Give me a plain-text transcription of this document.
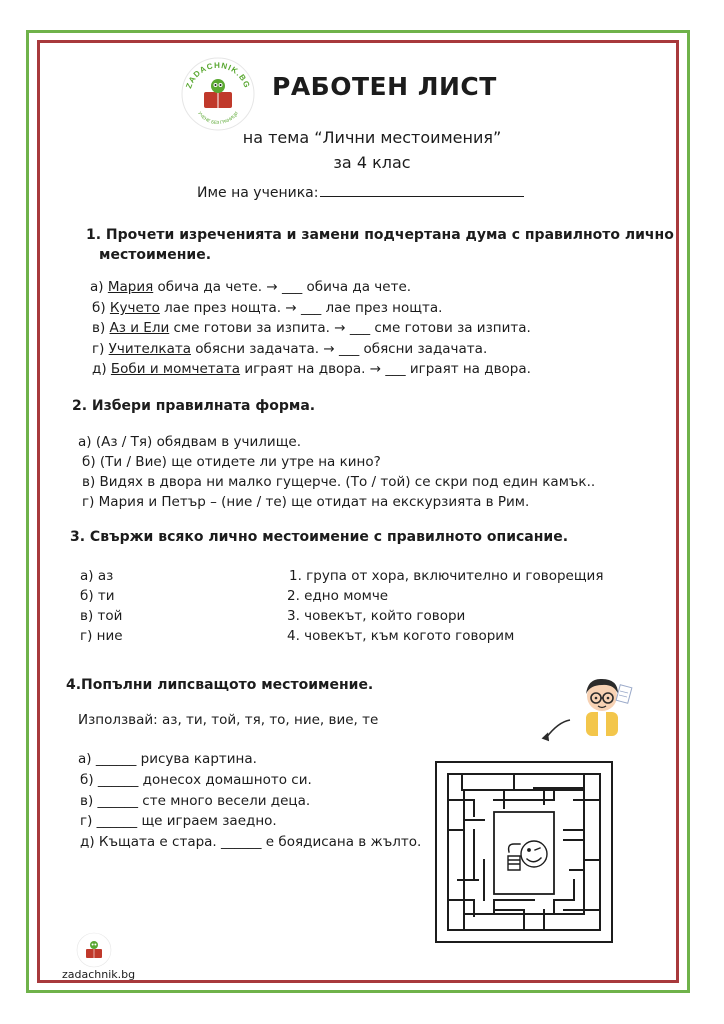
ZADACHNIK.BG
УЧЕНЕ БЕЗ ГРАНИЦИ
РАБОТЕН ЛИСТ
на тема “Лични местоимения”
за 4 клас
Име на ученика:
1. Прочети изреченията и замени подчертана дума с правилното лично
местоимение.
а) Мария обича да чете. → ___ обича да чете.
б) Кучето лае през нощта. → ___ лае през нощта.
в) Аз и Ели сме готови за изпита. → ___ сме готови за изпита.
г) Учителката обясни задачата. → ___ обясни задачата.
д) Боби и момчетата играят на двора. → ___ играят на двора.
2. Избери правилната форма.
а) (Аз / Тя) обядвам в училище.
б) (Ти / Вие) ще отидете ли утре на кино?
в) Видях в двора ни малко гущерче. (То / той) се скри под един камък..
г) Мария и Петър – (ние / те) ще отидат на екскурзията в Рим.
3. Свържи всяко лично местоимение с правилното описание.
а) аз
б) ти
в) той
г) ние
1. група от хора, включително и говорещия
2. едно момче
3. човекът, който говори
4. човекът, към когото говорим
4.Попълни липсващото местоимение.
Използвай: аз, ти, той, тя, то, ние, вие, те
а) ______ рисува картина.
б) ______ донесох домашното си.
в) ______ сте много весели деца.
г) ______ ще играем заедно.
д) Къщата е стара. ______ е боядисана в жълто.
zadachnik.bg
